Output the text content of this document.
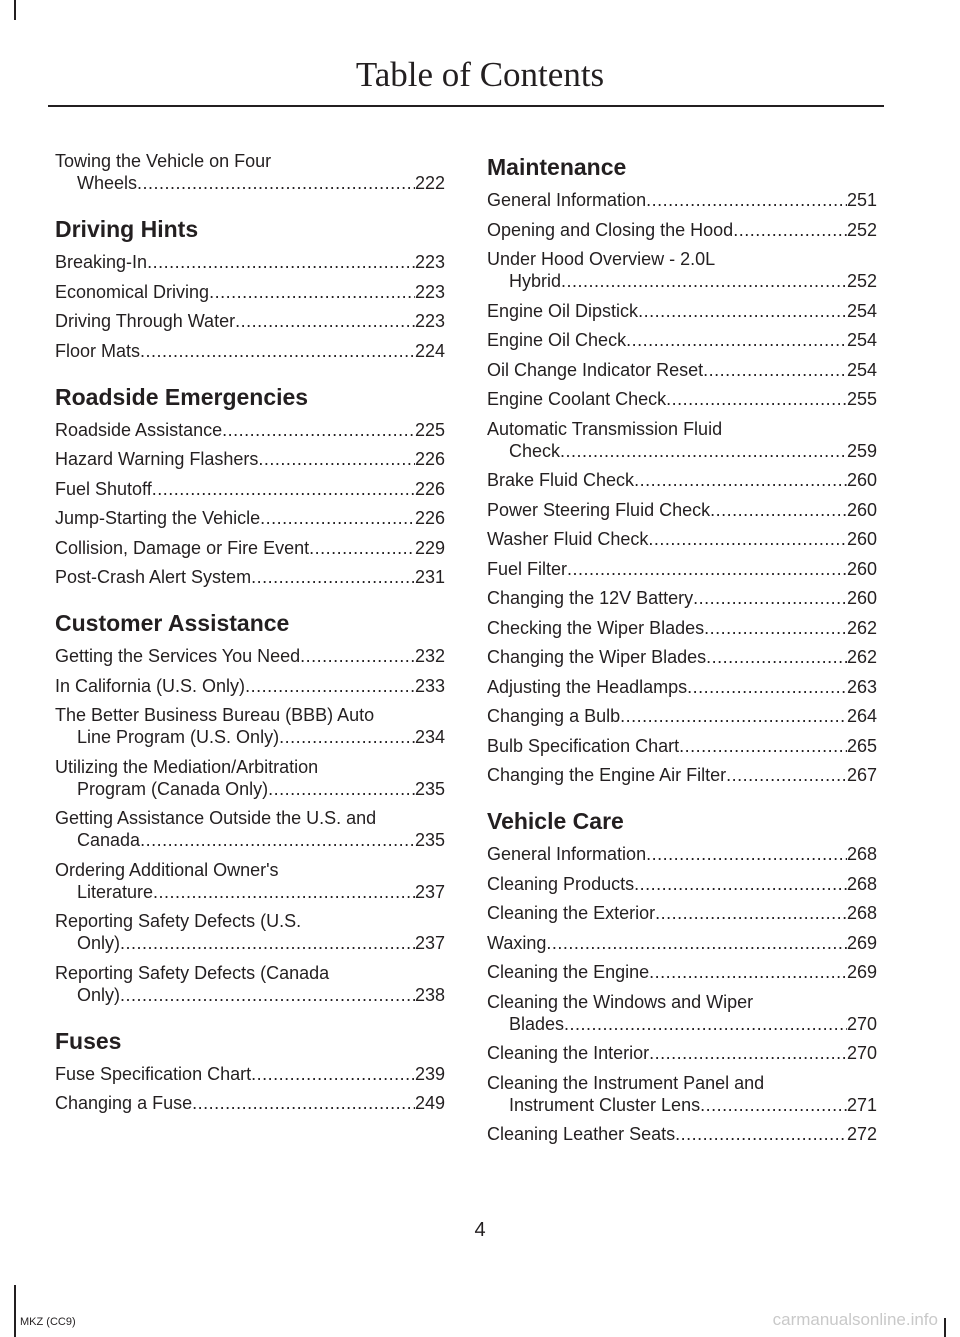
Table of Contents
Towing the Vehicle on Four
Wheels .....	222
Driving Hints
Breaking-In .....	223
Economical Driving .....	223
Driving Through Water .....	223
Floor Mats .....	224
Roadside Emergencies
Roadside Assistance .....	225
Hazard Warning Flashers .....	226
Fuel Shutoff .....	226
Jump-Starting the Vehicle .....	226
Collision, Damage or Fire Event .....	229
Post-Crash Alert System .....	231
Customer Assistance
Getting the Services You Need .....	232
In California (U.S. Only) .....	233
The Better Business Bureau (BBB) Auto
Line Program (U.S. Only) .....	234
Utilizing the Mediation/Arbitration
Program (Canada Only) .....	235
Getting Assistance Outside the U.S. and
Canada .....	235
Ordering Additional Owner's
Literature .....	237
Reporting Safety Defects (U.S.
Only) .....	237
Reporting Safety Defects (Canada
Only) .....	238
Fuses
Fuse Specification Chart .....	239
Changing a Fuse .....	249
Maintenance
General Information .....	251
Opening and Closing the Hood .....	252
Under Hood Overview - 2.0L
Hybrid .....	252
Engine Oil Dipstick .....	254
Engine Oil Check .....	254
Oil Change Indicator Reset .....	254
Engine Coolant Check .....	255
Automatic Transmission Fluid
Check .....	259
Brake Fluid Check .....	260
Power Steering Fluid Check .....	260
Washer Fluid Check .....	260
Fuel Filter .....	260
Changing the 12V Battery .....	260
Checking the Wiper Blades .....	262
Changing the Wiper Blades .....	262
Adjusting the Headlamps .....	263
Changing a Bulb .....	264
Bulb Specification Chart .....	265
Changing the Engine Air Filter .....	267
Vehicle Care
General Information .....	268
Cleaning Products .....	268
Cleaning the Exterior .....	268
Waxing .....	269
Cleaning the Engine .....	269
Cleaning the Windows and Wiper
Blades .....	270
Cleaning the Interior .....	270
Cleaning the Instrument Panel and
Instrument Cluster Lens .....	271
Cleaning Leather Seats .....	272
4
MKZ (CC9)	carmanualsonline.info
